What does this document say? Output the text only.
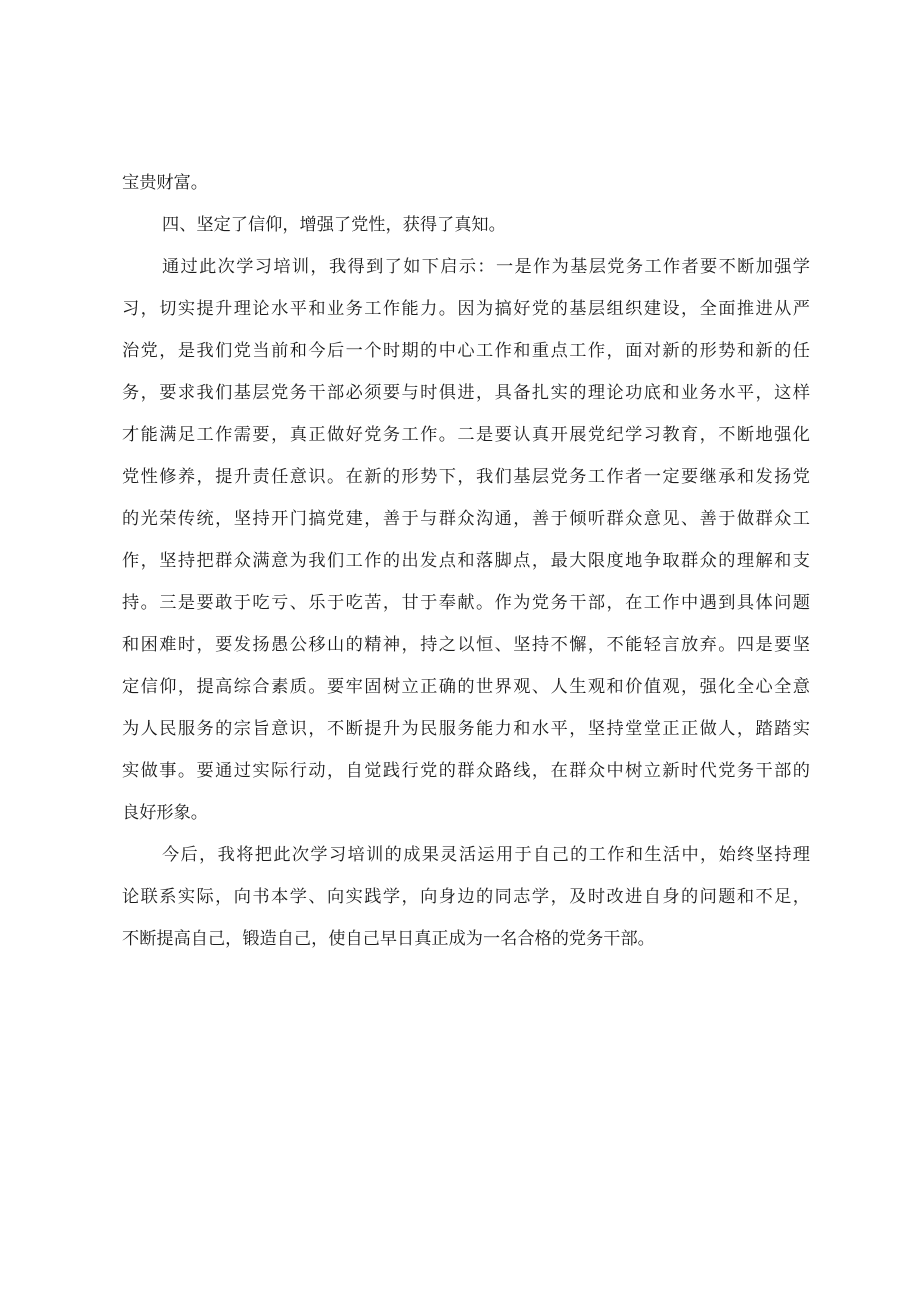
宝贵财富。
四、坚定了信仰，增强了党性，获得了真知。
通过此次学习培训，我得到了如下启示：一是作为基层党务工作者要不断加强学
习，切实提升理论水平和业务工作能力。因为搞好党的基层组织建设，全面推进从严
治党，是我们党当前和今后一个时期的中心工作和重点工作，面对新的形势和新的任
务，要求我们基层党务干部必须要与时俱进，具备扎实的理论功底和业务水平，这样
才能满足工作需要，真正做好党务工作。二是要认真开展党纪学习教育，不断地强化
党性修养，提升责任意识。在新的形势下，我们基层党务工作者一定要继承和发扬党
的光荣传统，坚持开门搞党建，善于与群众沟通，善于倾听群众意见、善于做群众工
作，坚持把群众满意为我们工作的出发点和落脚点，最大限度地争取群众的理解和支
持。三是要敢于吃亏、乐于吃苦，甘于奉献。作为党务干部，在工作中遇到具体问题
和困难时，要发扬愚公移山的精神，持之以恒、坚持不懈，不能轻言放弃。四是要坚
定信仰，提高综合素质。要牢固树立正确的世界观、人生观和价值观，强化全心全意
为人民服务的宗旨意识，不断提升为民服务能力和水平，坚持堂堂正正做人，踏踏实
实做事。要通过实际行动，自觉践行党的群众路线，在群众中树立新时代党务干部的
良好形象。
今后，我将把此次学习培训的成果灵活运用于自己的工作和生活中，始终坚持理
论联系实际，向书本学、向实践学，向身边的同志学，及时改进自身的问题和不足，
不断提高自己，锻造自己，使自己早日真正成为一名合格的党务干部。
